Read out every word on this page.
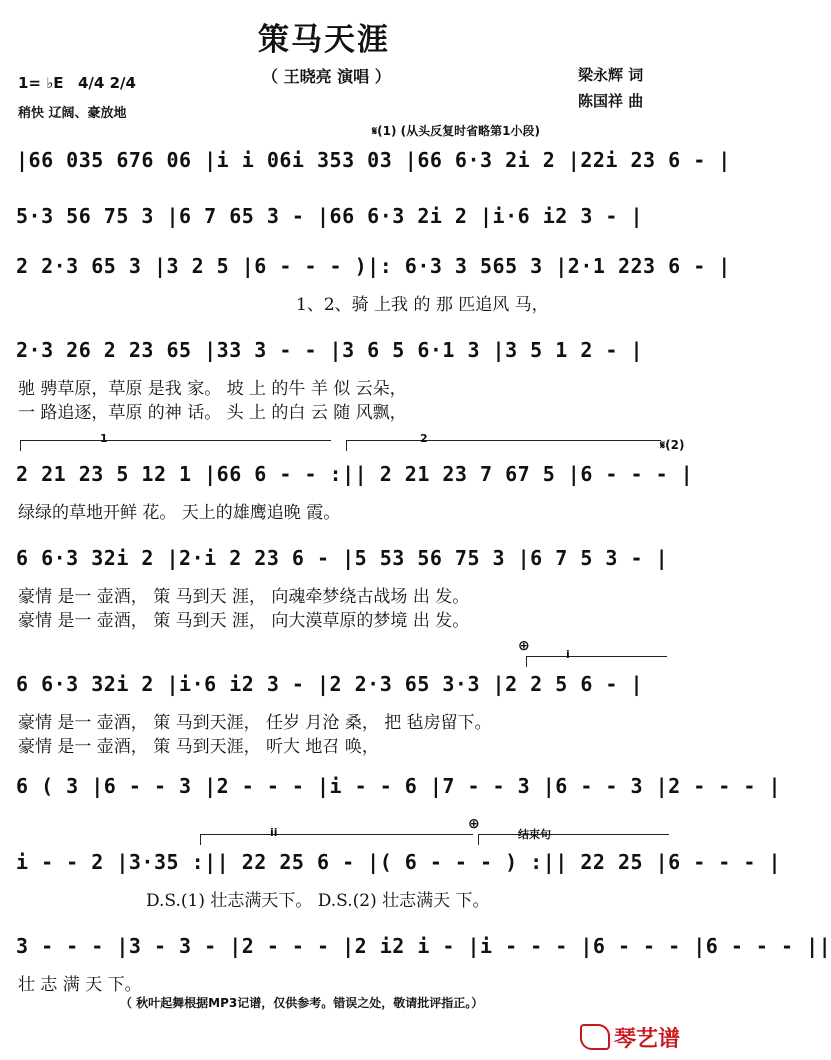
策马天涯
（ 王晓亮 演唱 ）
1= ♭E 4/4 2/4
稍快 辽阔、豪放地
梁永辉 词
陈国祥 曲
𝄋(1) (从头反复时省略第1小段)
|66 035 676 06 |i i 06i 353 03 |66 6·3 2i 2 |22i 23 6 - |
5·3 56 75 3 |6 7 65 3 - |66 6·3 2i 2 |i·6 i2 3 - |
2 2·3 65 3 |3 2 5 |6 - - - )|: 6·3 3 565 3 |2·1 223 6 - |
1、2、骑 上我 的 那 匹追风 马，
2·3 26 2 23 65 |33 3 - - |3 6 5 6·1 3 |3 5 1 2 - |
驰 骋草原，草原 是我 家。 坡 上 的牛 羊 似 云朵，
一 路追逐，草原 的神 话。 头 上 的白 云 随 风飘，
1	2	𝄋(2)
2 21 23 5 12 1 |66 6 - - :|| 2 21 23 7 67 5 |6 - - - |
绿绿的草地开鲜 花。 天上的雄鹰追晚 霞。
6 6·3 32i 2 |2·i 2 23 6 - |5 53 56 75 3 |6 7 5 3 - |
豪情 是一 壶酒， 策 马到天 涯， 向魂牵梦绕古战场 出 发。
豪情 是一 壶酒， 策 马到天 涯， 向大漠草原的梦境 出 发。
⊕
i
6 6·3 32i 2 |i·6 i2 3 - |2 2·3 65 3·3 |2 2 5 6 - |
豪情 是一 壶酒， 策 马到天涯， 任岁 月沧 桑， 把 毡房留下。
豪情 是一 壶酒， 策 马到天涯， 听大 地召 唤，
6 ( 3 |6 - - 3 |2 - - - |i - - 6 |7 - - 3 |6 - - 3 |2 - - - |
ii
⊕
结束句
i - - 2 |3·35 :|| 22 25 6 - |( 6 - - - ) :|| 22 25 |6 - - - |
D.S.(1) 壮志满天下。 D.S.(2) 壮志满天 下。
3 - - - |3 - 3 - |2 - - - |2 i2 i - |i - - - |6 - - - |6 - - - ||
壮 志 满 天 下。
（ 秋叶起舞根据MP3记谱，仅供参考。错误之处，敬请批评指正。）
琴艺谱
